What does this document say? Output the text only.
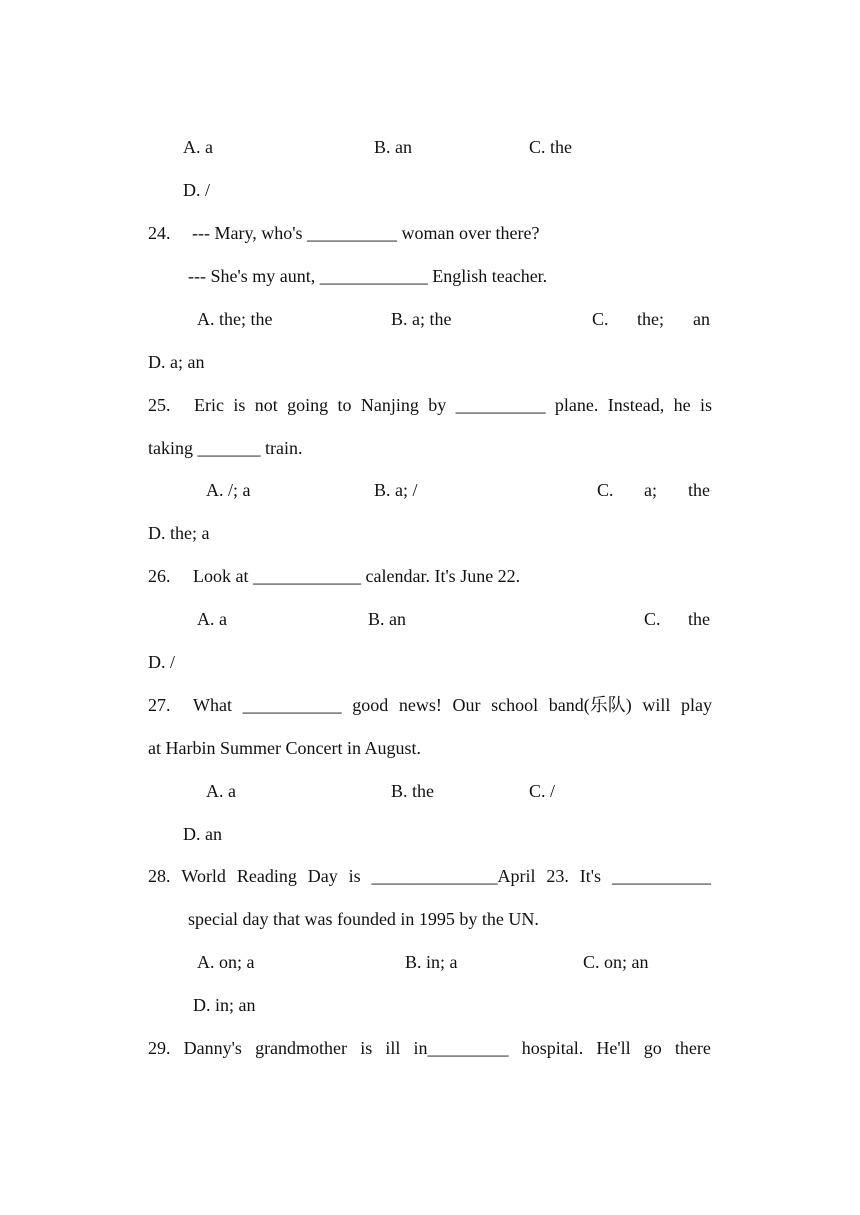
A. a	B. an	C. the
D. /
24. --- Mary, who's __________ woman over there?
--- She's my aunt, ____________ English teacher.
A. the; the	B. a; the	C. the; an
D. a; an
25. Eric is not going to Nanjing by __________ plane. Instead, he is
taking _______ train.
A. /; a	B. a; /	C. a; the
D. the; a
26. Look at ____________ calendar. It's June 22.
A. a	B. an	C. the
D. /
27. What ___________ good news! Our school band(乐队) will play
at Harbin Summer Concert in August.
A. a	B. the	C. /
D. an
28. World Reading Day is ______________April 23. It's ___________
special day that was founded in 1995 by the UN.
A. on; a	B. in; a	C. on; an
D. in; an
29. Danny's grandmother is ill in_________ hospital. He'll go there
